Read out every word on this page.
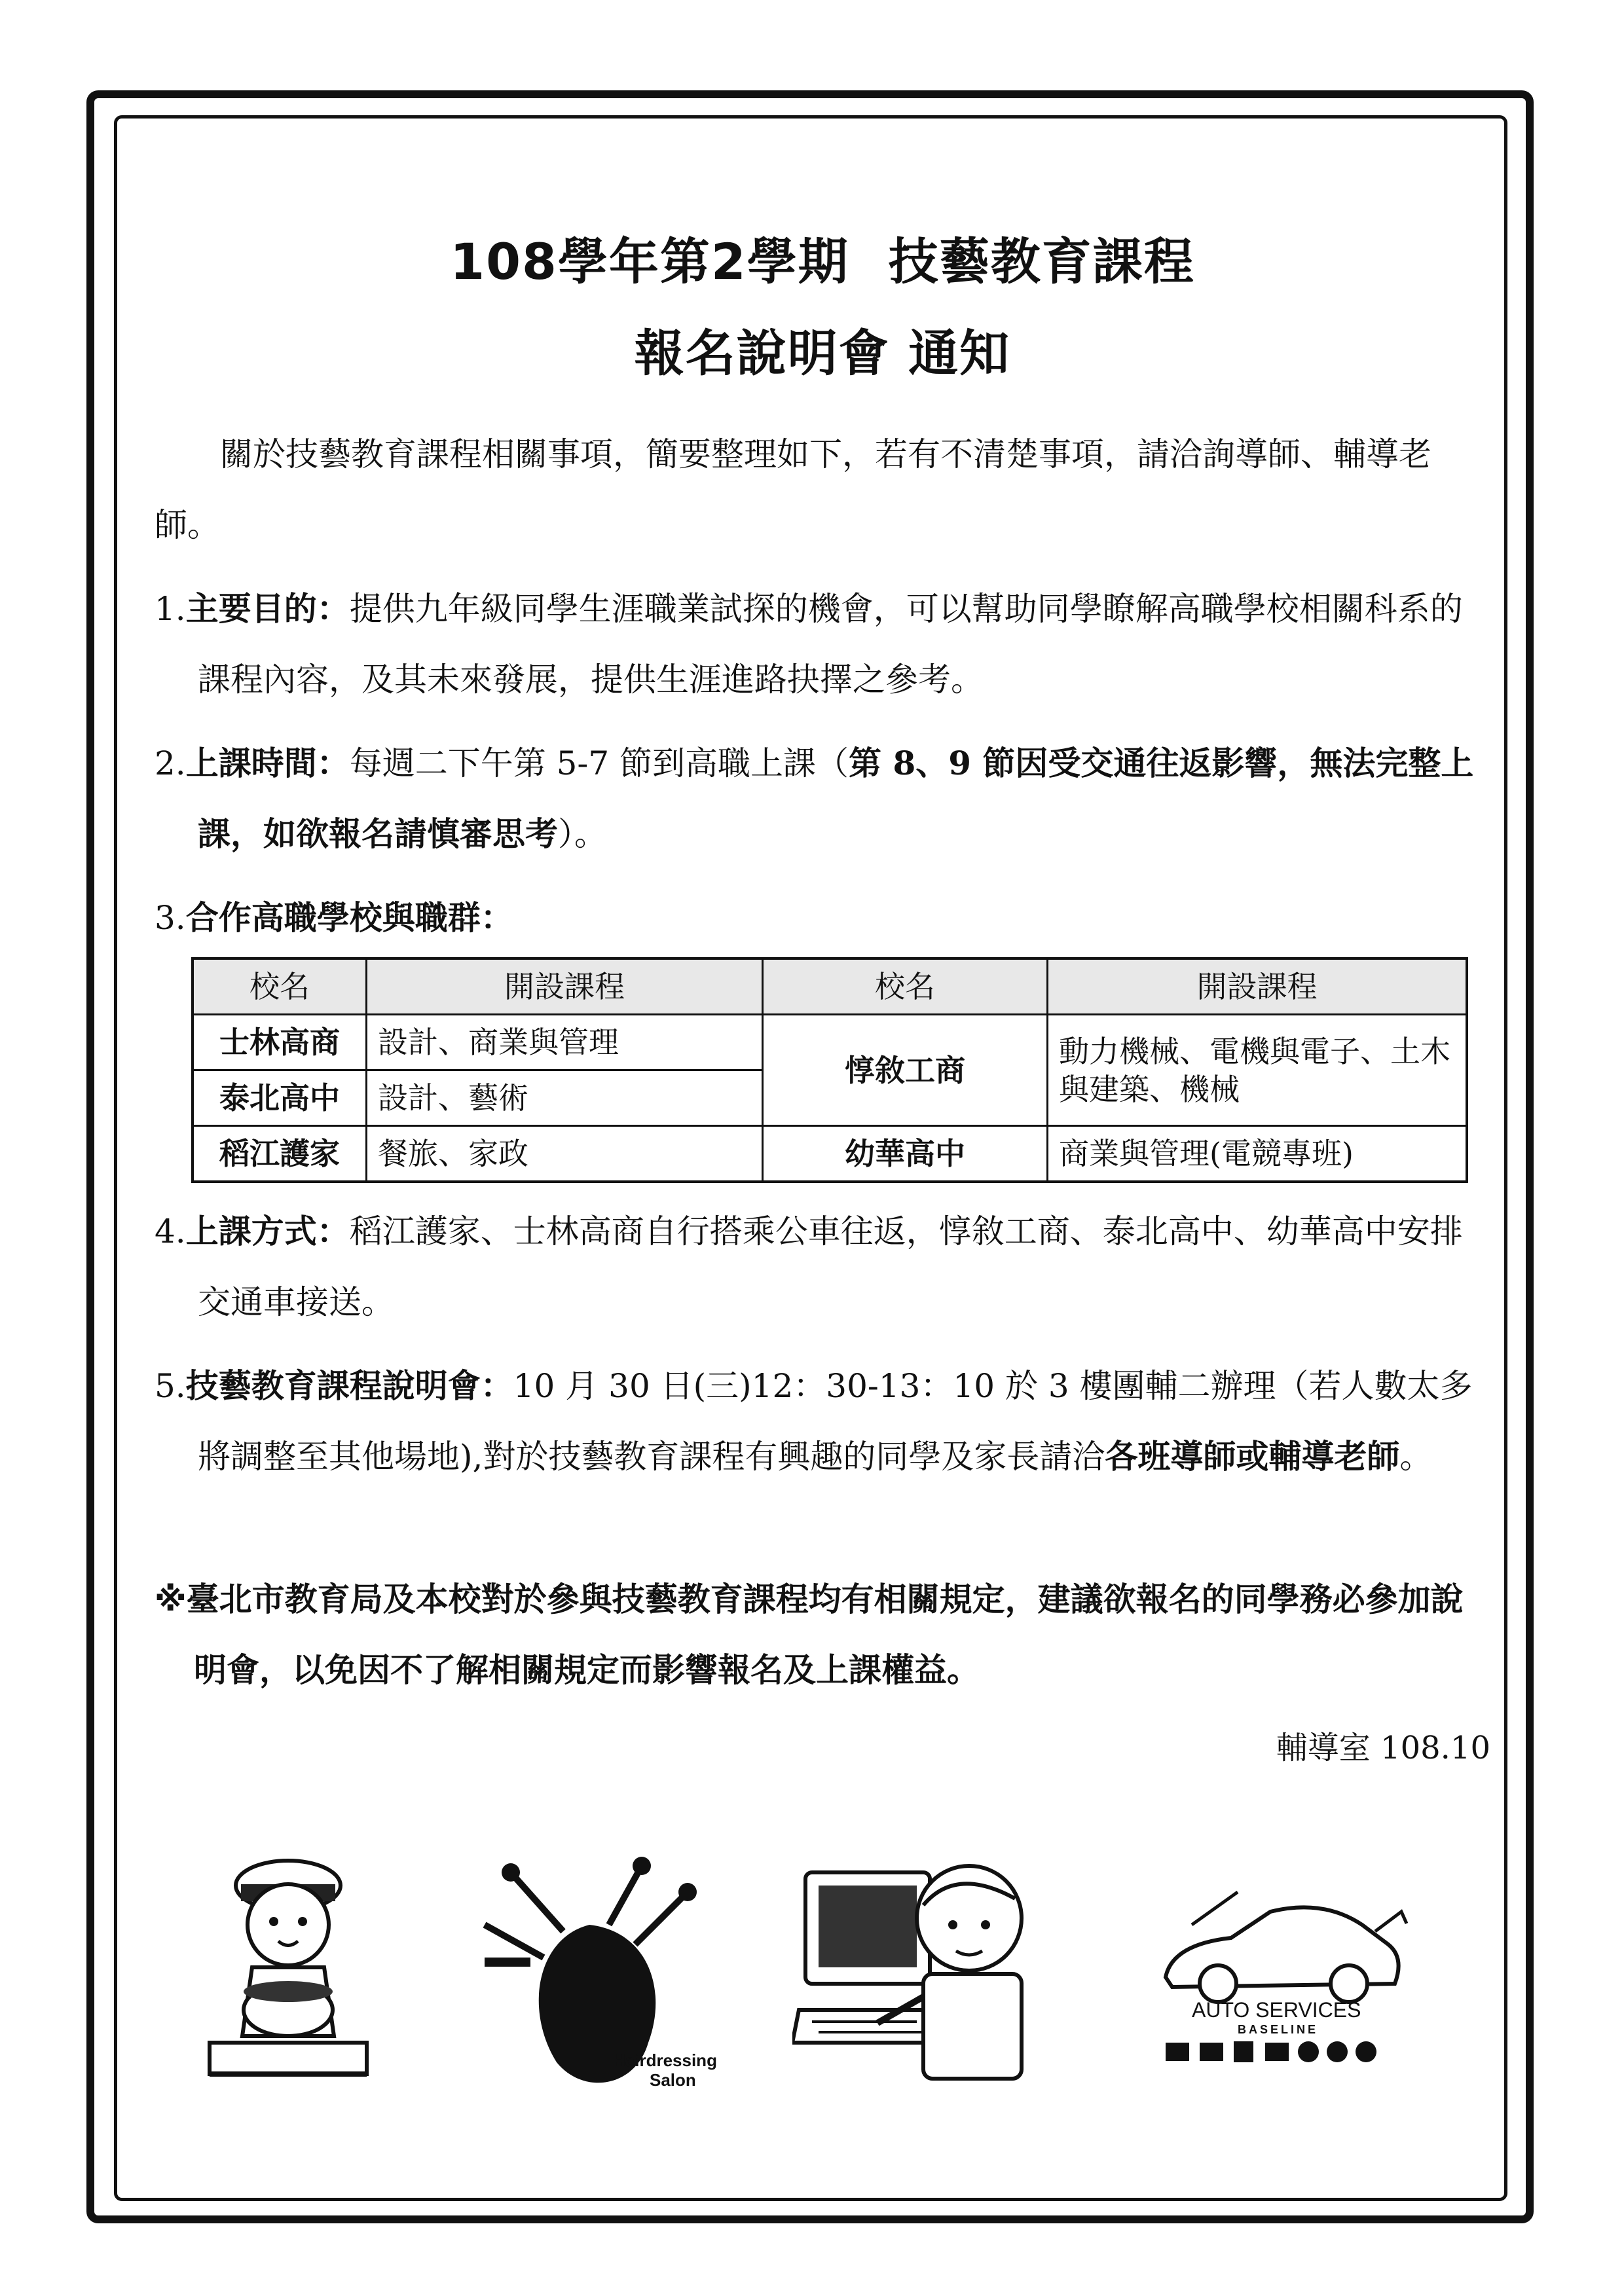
108學年第2學期 技藝教育課程
報名說明會 通知
關於技藝教育課程相關事項，簡要整理如下，若有不清楚事項，請洽詢導師、輔導老師。
1.主要目的：提供九年級同學生涯職業試探的機會，可以幫助同學瞭解高職學校相關科系的課程內容，及其未來發展，提供生涯進路抉擇之參考。
2.上課時間：每週二下午第 5-7 節到高職上課（第 8、9 節因受交通往返影響，無法完整上課，如欲報名請慎審思考）。
3.合作高職學校與職群：
校名	開設課程	校名	開設課程
士林高商	設計、商業與管理	惇敘工商	動力機械、電機與電子、土木與建築、機械
泰北高中	設計、藝術		
稻江護家	餐旅、家政	幼華高中	商業與管理(電競專班)
4.上課方式：稻江護家、士林高商自行搭乘公車往返，惇敘工商、泰北高中、幼華高中安排交通車接送。
5.技藝教育課程說明會：10 月 30 日(三)12：30-13：10 於 3 樓團輔二辦理（若人數太多將調整至其他場地),對於技藝教育課程有興趣的同學及家長請洽各班導師或輔導老師。
※臺北市教育局及本校對於參與技藝教育課程均有相關規定，建議欲報名的同學務必參加說明會，以免因不了解相關規定而影響報名及上課權益。
輔導室 108.10
Hairdressing
Salon
AUTO SERVICES
BASELINE
